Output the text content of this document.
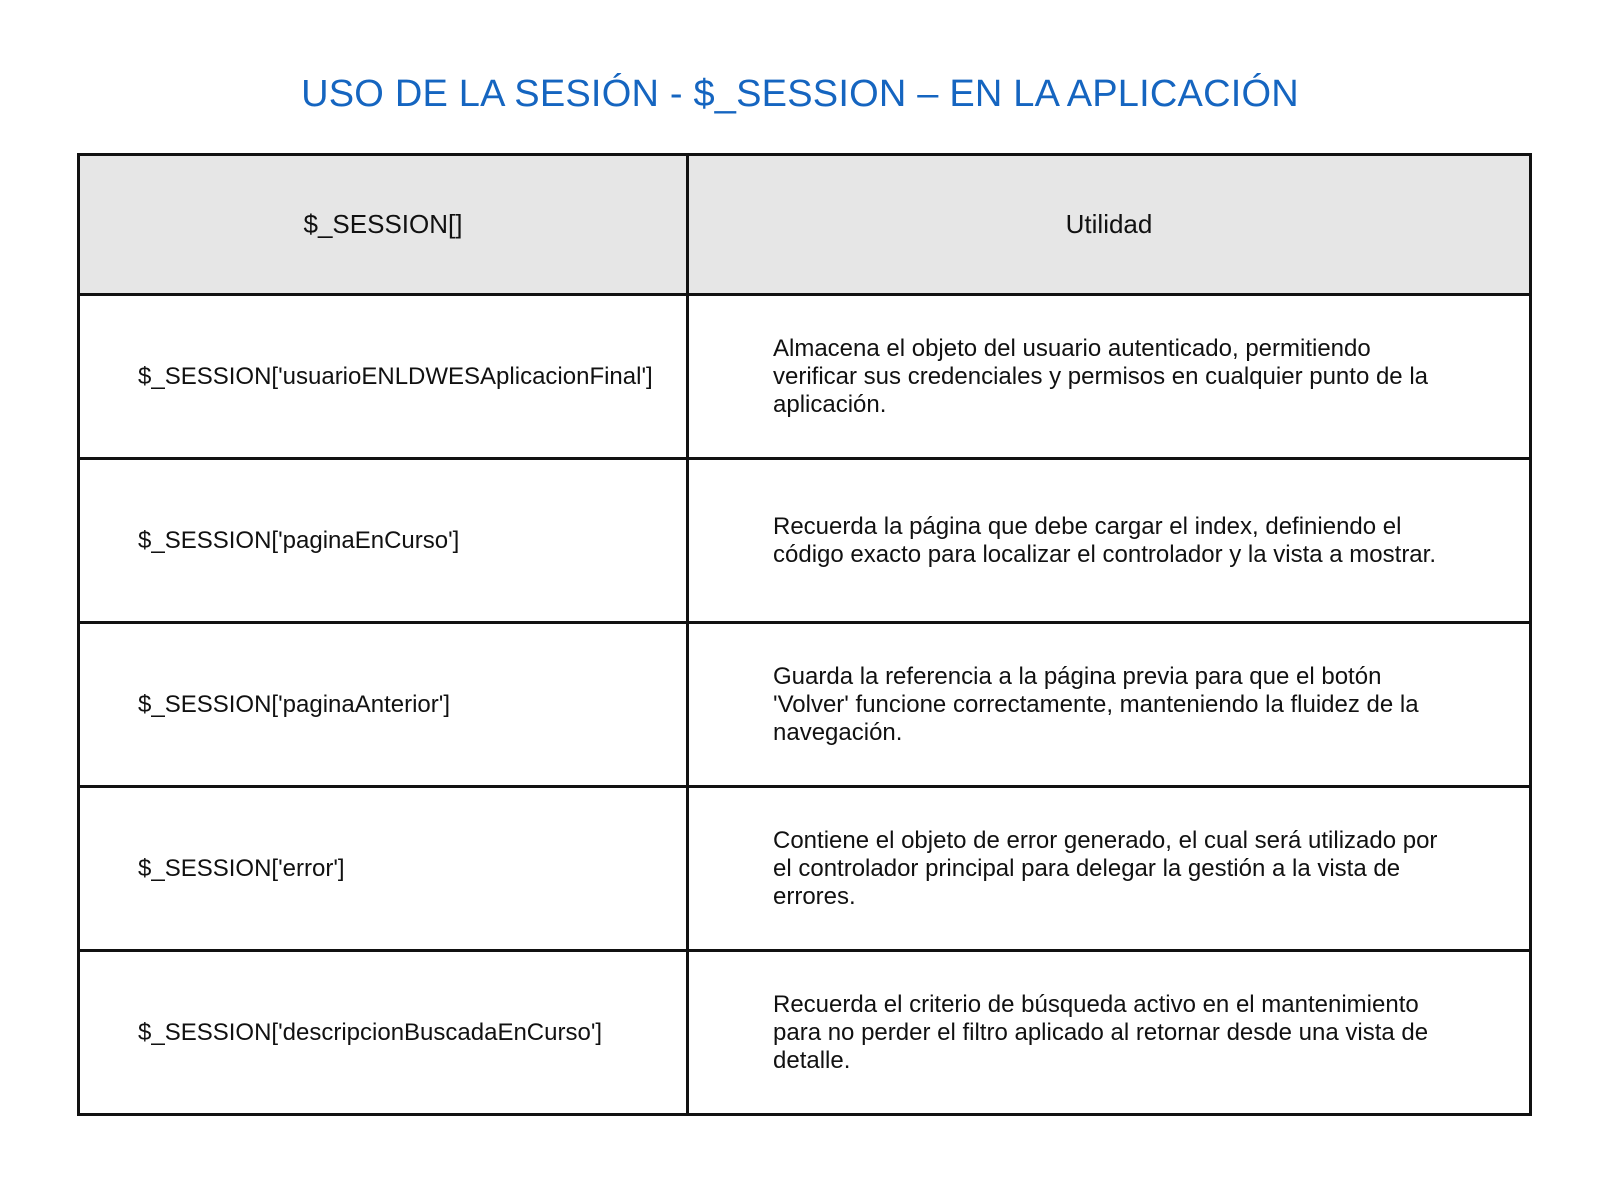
USO DE LA SESIÓN - $_SESSION – EN LA APLICACIÓN
$_SESSION[]	Utilidad
$_SESSION['usuarioENLDWESAplicacionFinal']	Almacena el objeto del usuario autenticado, permitiendo verificar sus credenciales y permisos en cualquier punto de la aplicación.
$_SESSION['paginaEnCurso']	Recuerda la página que debe cargar el index, definiendo el código exacto para localizar el controlador y la vista a mostrar.
$_SESSION['paginaAnterior']	Guarda la referencia a la página previa para que el botón 'Volver' funcione correctamente, manteniendo la fluidez de la navegación.
$_SESSION['error']	Contiene el objeto de error generado, el cual será utilizado por el controlador principal para delegar la gestión a la vista de errores.
$_SESSION['descripcionBuscadaEnCurso']	Recuerda el criterio de búsqueda activo en el mantenimiento para no perder el filtro aplicado al retornar desde una vista de detalle.
